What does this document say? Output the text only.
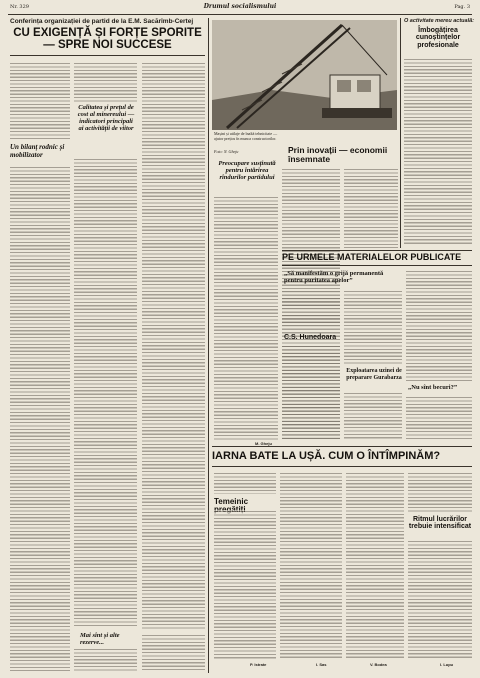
Nr. 329	Drumul socialismului	Pag. 3
Conferința organizației de partid de la E.M. Sacărîmb-Certej
CU EXIGENȚĂ ȘI FORȚE SPORITE — SPRE NOI SUCCESE
Calitatea și prețul de cost al minereului — indicatori principali ai activității de viitor
Un bilanț rodnic și mobilizator
Mai sînt și alte rezerve...
Mașini și utilaje de înaltă tehnicitate — ajutor prețios în munca constructorilor.
Foto: N. Gheju	Prin inovații — economii însemnate
Preocupare susținută pentru întărirea rîndurilor partidului
M. Gheju
O activitate mereu actuală:
Îmbogățirea cunoștințelor profesionale
PE URMELE MATERIALELOR PUBLICATE
„Să manifestăm o grijă permanentă pentru puritatea apelor”
C.S. Hunedoara
Exploatarea uzinei de preparare Gurabarza
„Nu sînt becuri?”
IARNA BATE LA UȘĂ. CUM O ÎNTÎMPINĂM?
Temeinic
P. Istrate	I. Sas	V. Bodea
Ritmul lucrărilor trebuie intensificat
I. Lupu
